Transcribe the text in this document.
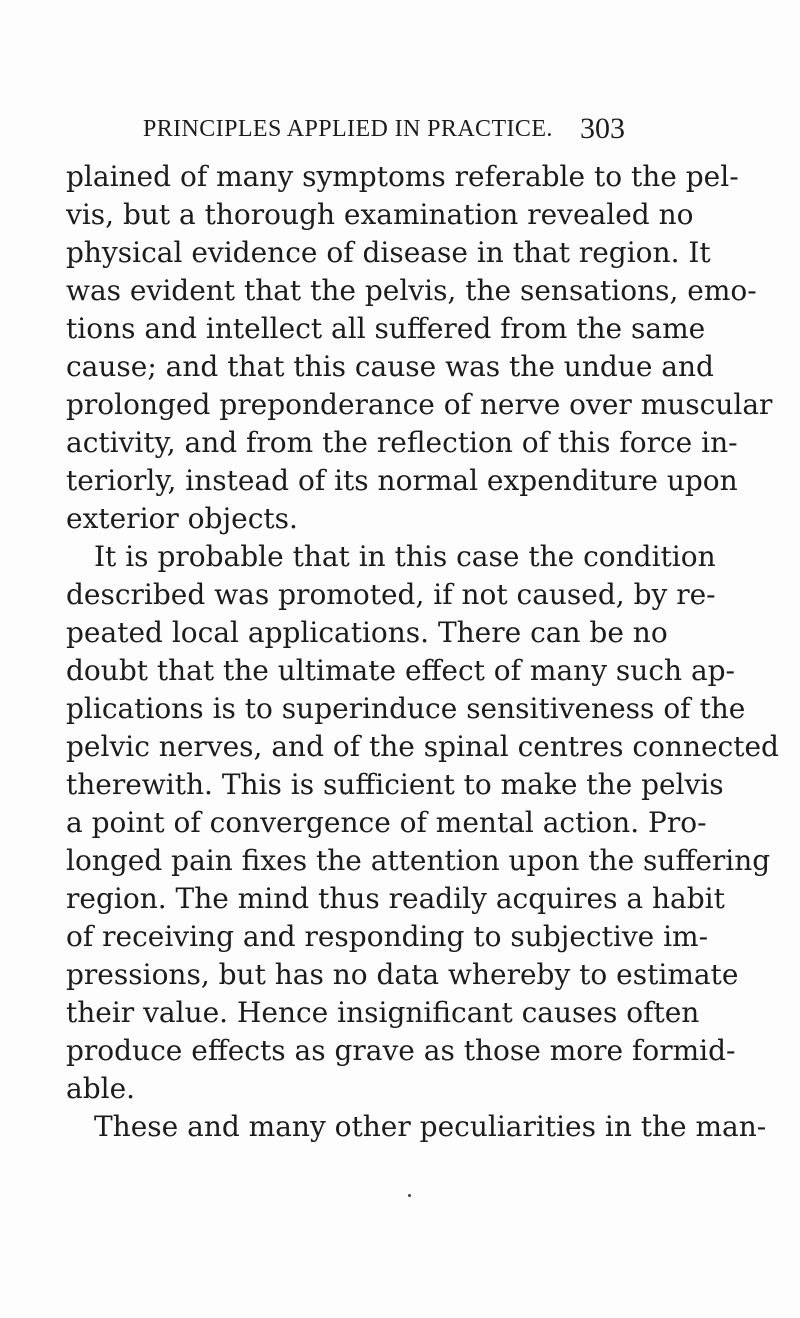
PRINCIPLES APPLIED IN PRACTICE. 303
plained of many symptoms referable to the pel-
vis, but a thorough examination revealed no
physical evidence of disease in that region. It
was evident that the pelvis, the sensations, emo-
tions and intellect all suffered from the same
cause; and that this cause was the undue and
prolonged preponderance of nerve over muscular
activity, and from the reflection of this force in-
teriorly, instead of its normal expenditure upon
exterior objects.
It is probable that in this case the condition
described was promoted, if not caused, by re-
peated local applications. There can be no
doubt that the ultimate effect of many such ap-
plications is to superinduce sensitiveness of the
pelvic nerves, and of the spinal centres connected
therewith. This is sufficient to make the pelvis
a point of convergence of mental action. Pro-
longed pain fixes the attention upon the suffering
region. The mind thus readily acquires a habit
of receiving and responding to subjective im-
pressions, but has no data whereby to estimate
their value. Hence insignificant causes often
produce effects as grave as those more formid-
able.
These and many other peculiarities in the man-
